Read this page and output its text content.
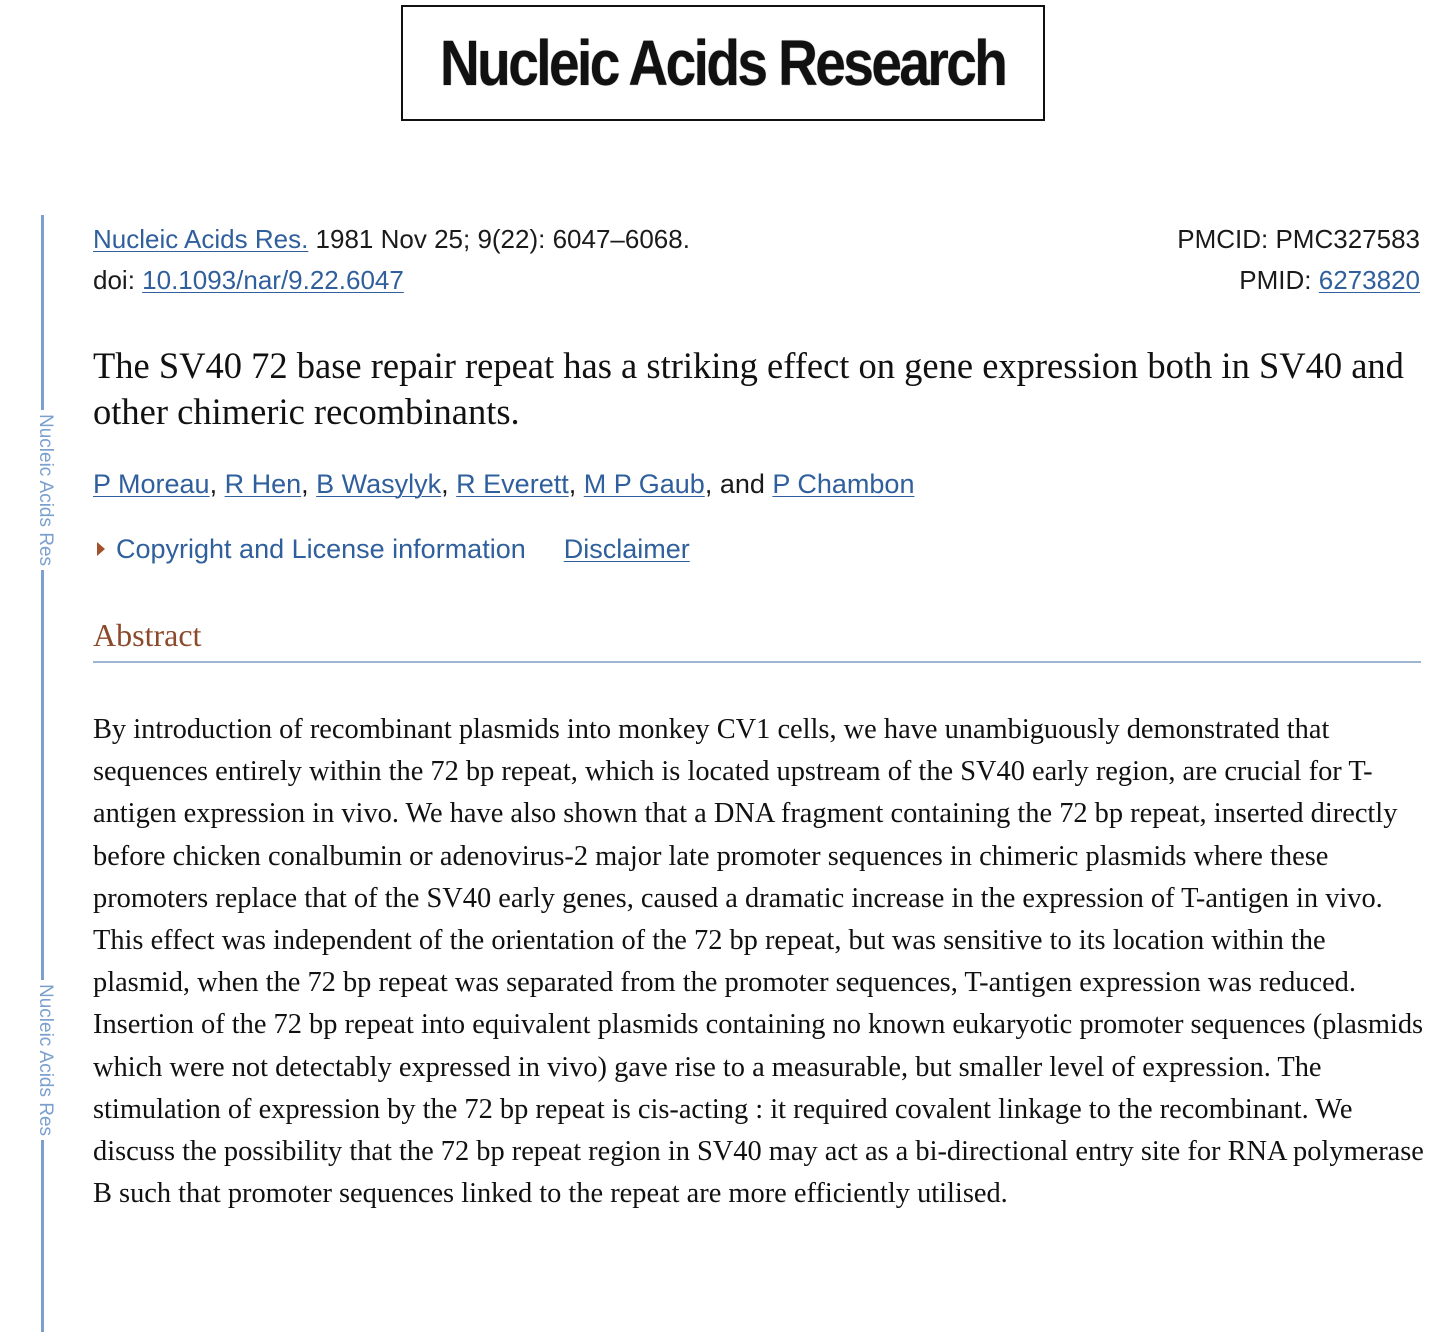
Nucleic Acids Research
Nucleic Acids Res
Nucleic Acids Res
Nucleic Acids Res. 1981 Nov 25; 9(22): 6047–6068.
doi: 10.1093/nar/9.22.6047
PMCID: PMC327583
PMID: 6273820
The SV40 72 base repair repeat has a striking effect on gene expression both in SV40 and other chimeric recombinants.
P Moreau, R Hen, B Wasylyk, R Everett, M P Gaub, and P Chambon
Copyright and License information Disclaimer
Abstract

By introduction of recombinant plasmids into monkey CV1 cells, we have unambiguously demonstrated that sequences entirely within the 72 bp repeat, which is located upstream of the SV40 early region, are crucial for T-antigen expression in vivo. We have also shown that a DNA fragment containing the 72 bp repeat, inserted directly before chicken conalbumin or adenovirus-2 major late promoter sequences in chimeric plasmids where these promoters replace that of the SV40 early genes, caused a dramatic increase in the expression of T-antigen in vivo. This effect was independent of the orientation of the 72 bp repeat, but was sensitive to its location within the plasmid, when the 72 bp repeat was separated from the promoter sequences, T-antigen expression was reduced. Insertion of the 72 bp repeat into equivalent plasmids containing no known eukaryotic promoter sequences (plasmids which were not detectably expressed in vivo) gave rise to a measurable, but smaller level of expression. The stimulation of expression by the 72 bp repeat is cis-acting : it required covalent linkage to the recombinant. We discuss the possibility that the 72 bp repeat region in SV40 may act as a bi-directional entry site for RNA polymerase B such that promoter sequences linked to the repeat are more efficiently utilised.
